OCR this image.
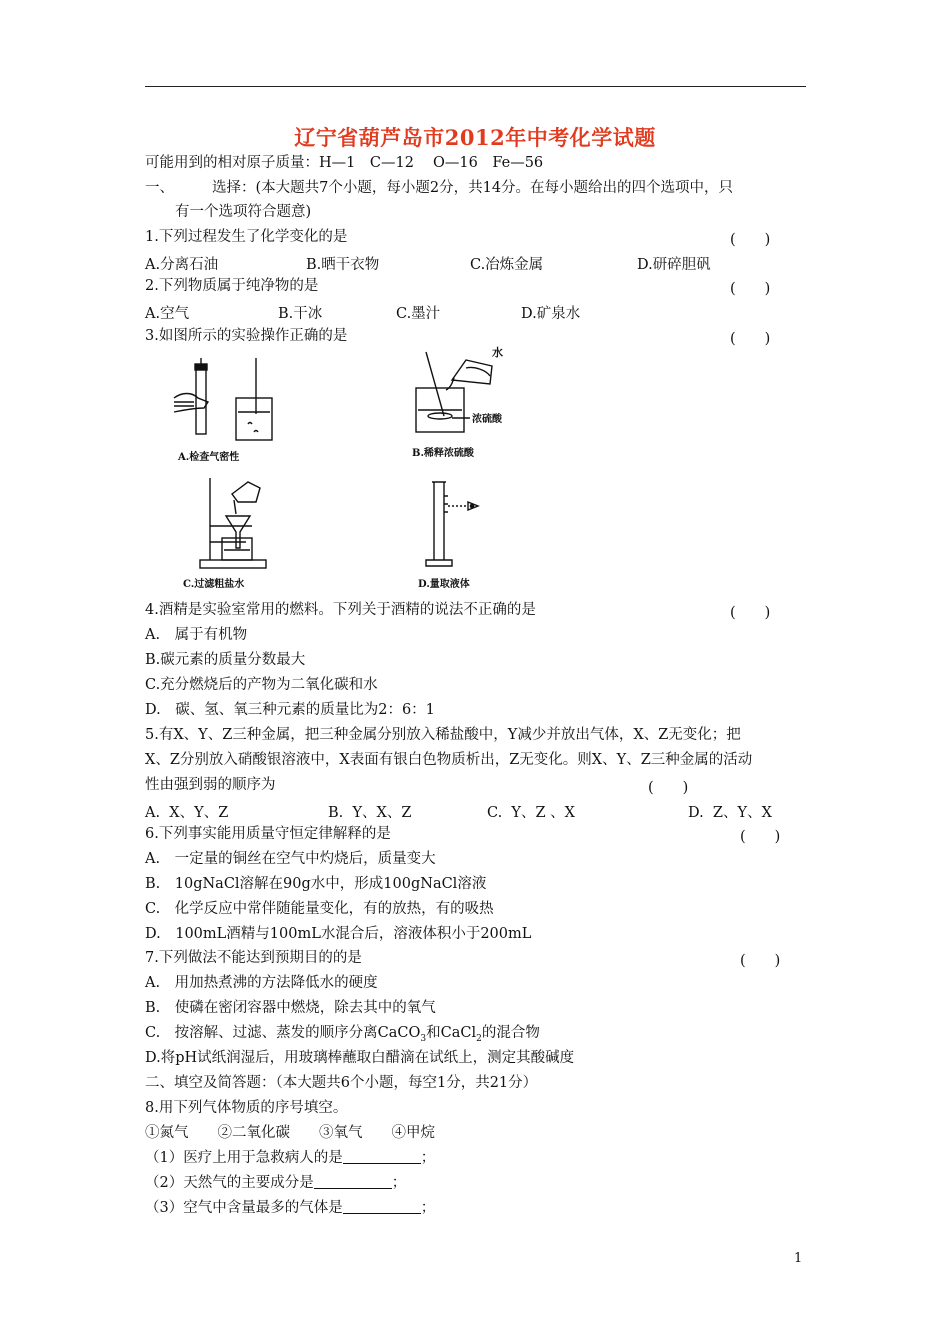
辽宁省葫芦岛市2012年中考化学试题
可能用到的相对原子质量：H—1　C—12　 O—16　Fe—56
一、	选择：(本大题共7个小题，每小题2分，共14分。在每小题给出的四个选项中，只
有一个选项符合题意)
1.下列过程发生了化学变化的是	(　　)
A.分离石油	B.晒干衣物	C.冶炼金属	D.研碎胆矾
2.下列物质属于纯净物的是	(　　)
A.空气	B.干冰	C.墨汁	D.矿泉水
3.如图所示的实验操作正确的是	(　　)
A.检查气密性
水
浓硫酸
B.稀释浓硫酸
C.过滤粗盐水	D.量取液体
4.酒精是实验室常用的燃料。下列关于酒精的说法不正确的是	(　　)
A.　属于有机物
B.碳元素的质量分数最大
C.充分燃烧后的产物为二氧化碳和水
D.　碳、氢、氧三种元素的质量比为2：6：1
5.有X、Y、Z三种金属，把三种金属分别放入稀盐酸中，Y减少并放出气体，X、Z无变化；把
X、Z分别放入硝酸银溶液中，X表面有银白色物质析出，Z无变化。则X、Y、Z三种金属的活动
性由强到弱的顺序为	(　　)
A.  X、Y、Z	B.  Y、X、Z	C.  Y、Z 、X	D.  Z、Y、X
6.下列事实能用质量守恒定律解释的是	(　　)
A.　一定量的铜丝在空气中灼烧后，质量变大
B.　10gNaCl溶解在90g水中，形成100gNaCl溶液
C.　化学反应中常伴随能量变化，有的放热，有的吸热
D.　100mL酒精与100mL水混合后，溶液体积小于200mL
7.下列做法不能达到预期目的的是	(　　)
A.　用加热煮沸的方法降低水的硬度
B.　使磷在密闭容器中燃烧，除去其中的氧气
C.　按溶解、过滤、蒸发的顺序分离CaCO$_3$和CaCl$_2$的混合物
D.将pH试纸润湿后，用玻璃棒蘸取白醋滴在试纸上，测定其酸碱度
二、填空及简答题：（本大题共6个小题，每空1分，共21分）
8.用下列气体物质的序号填空。
①氮气　　②二氧化碳　　③氧气　　④甲烷
（1）医疗上用于急救病人的是	；
（2）天然气的主要成分是	；
（3）空气中含量最多的气体是	；
1
